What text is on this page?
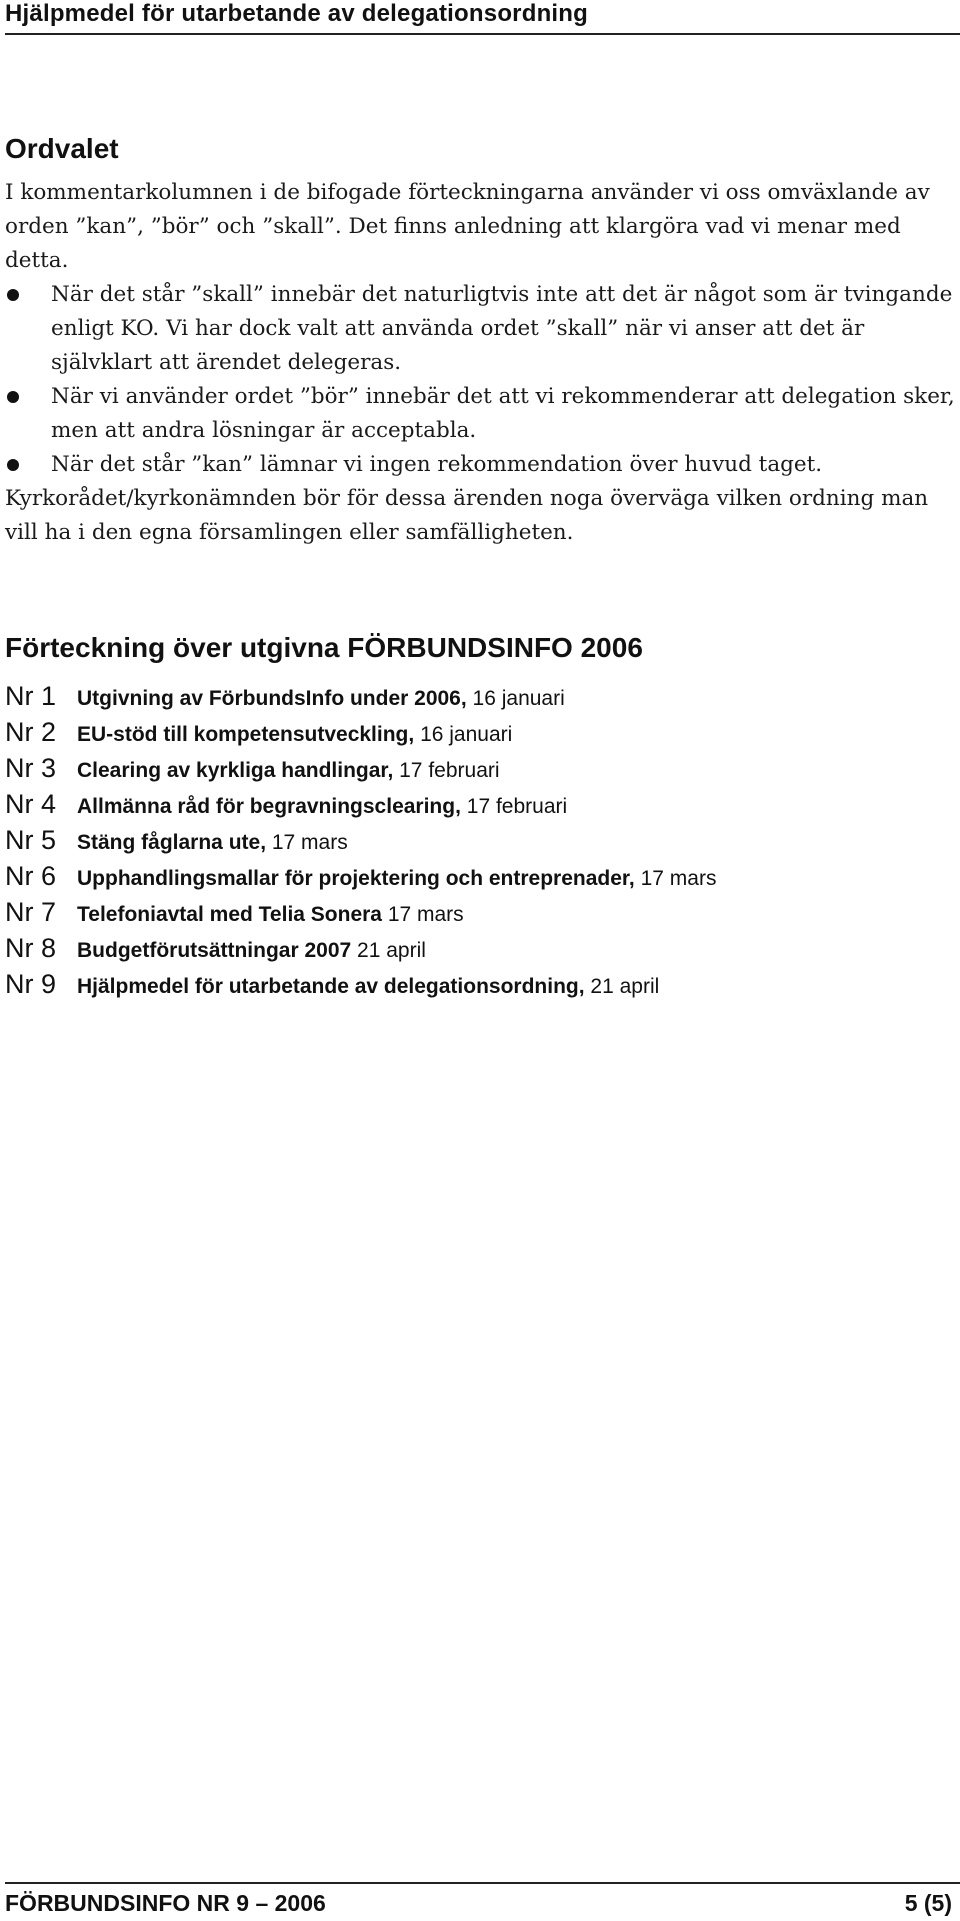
Hjälpmedel för utarbetande av delegationsordning
Ordvalet

I kommentarkolumnen i de bifogade förteckningarna använder vi oss omväxlande av orden ”kan”, ”bör” och ”skall”. Det finns anledning att klargöra vad vi menar med detta.

När det står ”skall” innebär det naturligtvis inte att det är något som är tvingande enligt KO. Vi har dock valt att använda ordet ”skall” när vi anser att det är självklart att ärendet delegeras.
När vi använder ordet ”bör” innebär det att vi rekommenderar att delegation sker, men att andra lösningar är acceptabla.
När det står ”kan” lämnar vi ingen rekommendation över huvud taget.

Kyrkorådet/kyrkonämnden bör för dessa ärenden noga överväga vilken ordning man vill ha i den egna församlingen eller samfälligheten.

Förteckning över utgivna FÖRBUNDSINFO 2006
Nr 1 Utgivning av FörbundsInfo under 2006, 16 januari
Nr 2 EU-stöd till kompetensutveckling, 16 januari
Nr 3 Clearing av kyrkliga handlingar, 17 februari
Nr 4 Allmänna råd för begravningsclearing, 17 februari
Nr 5 Stäng fåglarna ute, 17 mars
Nr 6 Upphandlingsmallar för projektering och entreprenader, 17 mars
Nr 7 Telefoniavtal med Telia Sonera 17 mars
Nr 8 Budgetförutsättningar 2007 21 april
Nr 9 Hjälpmedel för utarbetande av delegationsordning, 21 april
FÖRBUNDSINFO NR 9 – 2006	5 (5)
